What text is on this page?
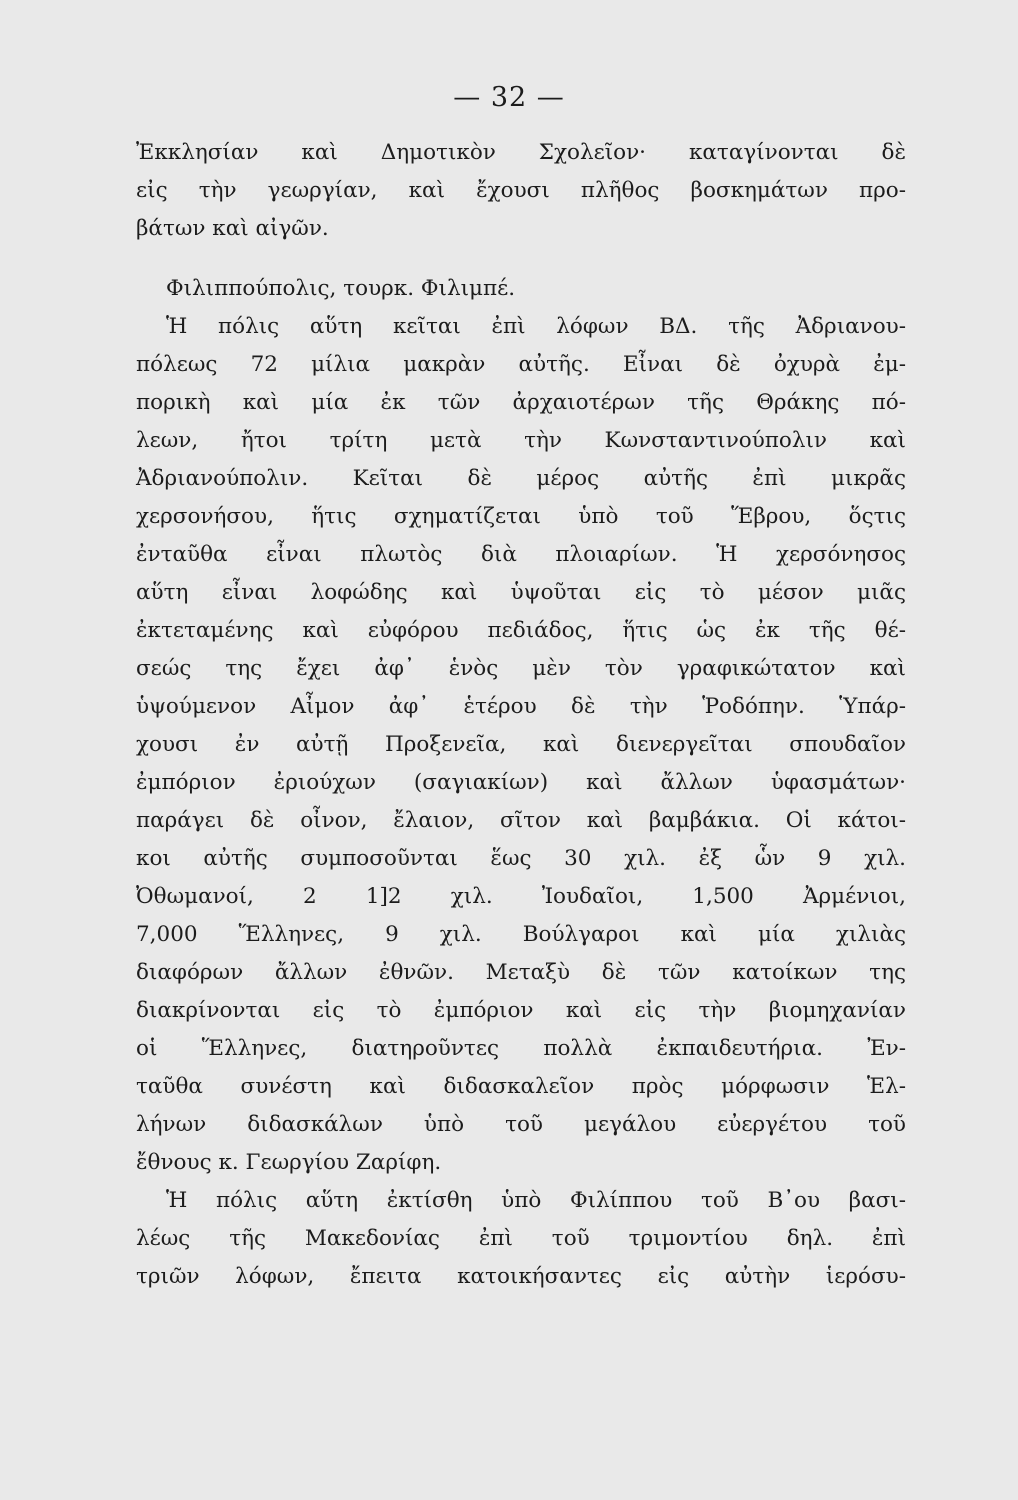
— 32 —
Ἐκκλησίαν καὶ Δημοτικὸν Σχολεῖον· καταγίνονται δὲ
εἰς τὴν γεωργίαν, καὶ ἔχουσι πλῆθος βοσκημάτων προ-
βάτων καὶ αἰγῶν.
Φιλιππούπολις, τουρκ. Φιλιμπέ.
Ἡ πόλις αὕτη κεῖται ἐπὶ λόφων ΒΔ. τῆς Ἀδριανου-
πόλεως 72 μίλια μακρὰν αὐτῆς. Εἶναι δὲ ὀχυρὰ ἐμ-
πορικὴ καὶ μία ἐκ τῶν ἀρχαιοτέρων τῆς Θράκης πό-
λεων, ἤτοι τρίτη μετὰ τὴν Κωνσταντινούπολιν καὶ
Ἀδριανούπολιν. Κεῖται δὲ μέρος αὐτῆς ἐπὶ μικρᾶς
χερσονήσου, ἥτις σχηματίζεται ὑπὸ τοῦ Ἕβρου, ὅςτις
ἐνταῦθα εἶναι πλωτὸς διὰ πλοιαρίων. Ἡ χερσόνησος
αὕτη εἶναι λοφώδης καὶ ὑψοῦται εἰς τὸ μέσον μιᾶς
ἐκτεταμένης καὶ εὐφόρου πεδιάδος, ἥτις ὡς ἐκ τῆς θέ-
σεώς της ἔχει ἀφ᾽ ἑνὸς μὲν τὸν γραφικώτατον καὶ
ὑψούμενον Αἶμον ἀφ᾽ ἑτέρου δὲ τὴν Ῥοδόπην. Ὑπάρ-
χουσι ἐν αὐτῇ Προξενεῖα, καὶ διενεργεῖται σπουδαῖον
ἐμπόριον ἐριούχων (σαγιακίων) καὶ ἄλλων ὑφασμάτων·
παράγει δὲ οἶνον, ἔλαιον, σῖτον καὶ βαμβάκια. Οἱ κάτοι-
κοι αὐτῆς συμποσοῦνται ἕως 30 χιλ. ἐξ ὧν 9 χιλ.
Ὀθωμανοί, 2 1]2 χιλ. Ἰουδαῖοι, 1,500 Ἀρμένιοι,
7,000 Ἕλληνες, 9 χιλ. Βούλγαροι καὶ μία χιλιὰς
διαφόρων ἄλλων ἐθνῶν. Μεταξὺ δὲ τῶν κατοίκων της
διακρίνονται εἰς τὸ ἐμπόριον καὶ εἰς τὴν βιομηχανίαν
οἱ Ἕλληνες, διατηροῦντες πολλὰ ἐκπαιδευτήρια. Ἐν-
ταῦθα συνέστη καὶ διδασκαλεῖον πρὸς μόρφωσιν Ἑλ-
λήνων διδασκάλων ὑπὸ τοῦ μεγάλου εὐεργέτου τοῦ
ἔθνους κ. Γεωργίου Ζαρίφη.
Ἡ πόλις αὕτη ἐκτίσθη ὑπὸ Φιλίππου τοῦ Β᾽ου βασι-
λέως τῆς Μακεδονίας ἐπὶ τοῦ τριμοντίου δηλ. ἐπὶ
τριῶν λόφων, ἔπειτα κατοικήσαντες εἰς αὐτὴν ἱερόσυ-
